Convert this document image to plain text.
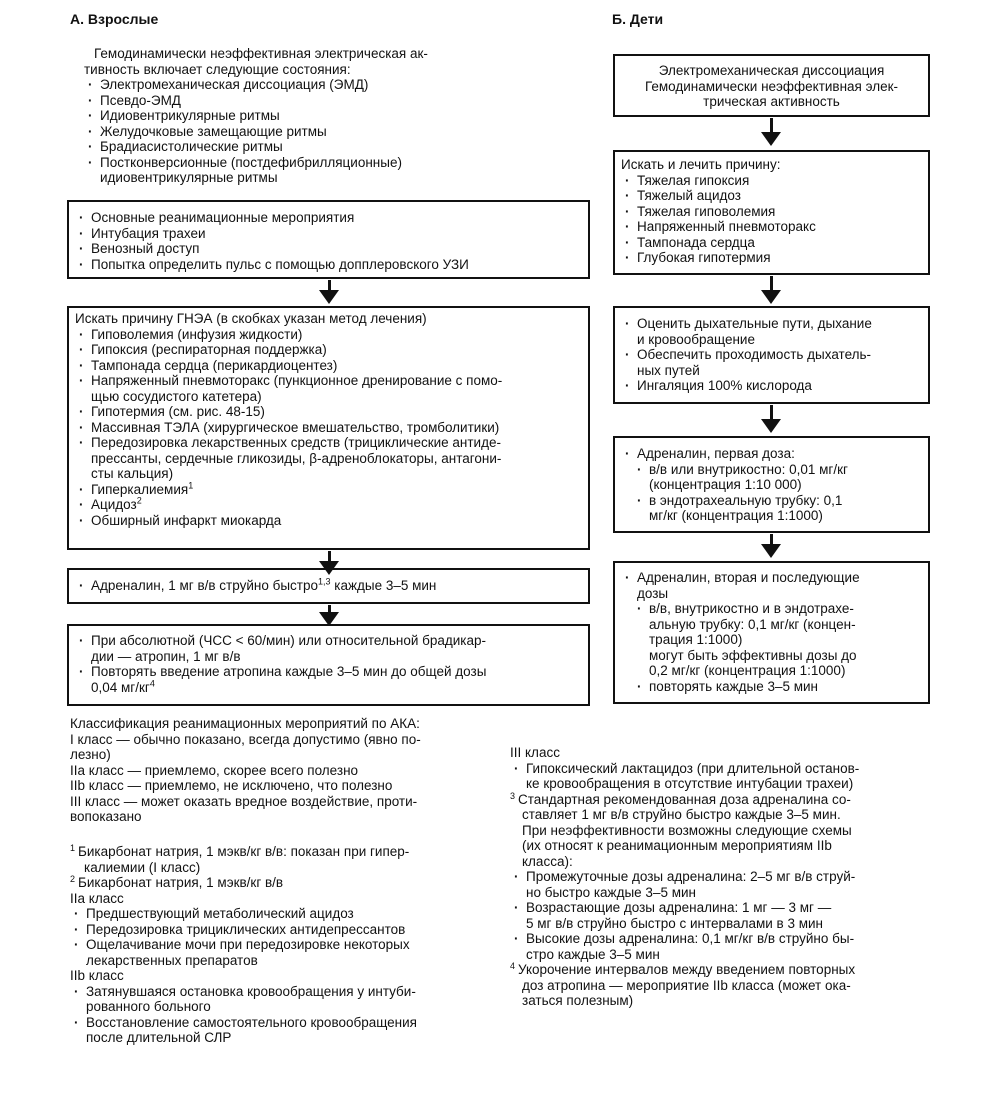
А. Взрослые
Гемодинамически неэффективная электрическая ак-
тивность включает следующие состояния:
· Электромеханическая диссоциация (ЭМД)
· Псевдо-ЭМД
· Идиовентрикулярные ритмы
· Желудочковые замещающие ритмы
· Брадиасистолические ритмы
· Постконверсионные (постдефибрилляционные)
идиовентрикулярные ритмы
· Основные реанимационные мероприятия
· Интубация трахеи
· Венозный доступ
· Попытка определить пульс с помощью допплеровского УЗИ
Искать причину ГНЭА (в скобках указан метод лечения)
· Гиповолемия (инфузия жидкости)
· Гипоксия (респираторная поддержка)
· Тампонада сердца (перикардиоцентез)
· Напряженный пневмоторакс (пункционное дренирование с помо-
щью сосудистого катетера)
· Гипотермия (см. рис. 48-15)
· Массивная ТЭЛА (хирургическое вмешательство, тромболитики)
· Передозировка лекарственных средств (трициклические антиде-
прессанты, сердечные гликозиды, β-адреноблокаторы, антагони-
сты кальция)
· Гиперкалиемия$^1$
· Ацидоз$^2$
· Обширный инфаркт миокарда
· Адреналин, 1 мг в/в струйно быстро$^{1,3}$ каждые 3–5 мин
· При абсолютной (ЧСС < 60/мин) или относительной брадикар-
дии — атропин, 1 мг в/в
· Повторять введение атропина каждые 3–5 мин до общей дозы
0,04 $мг/кг^4$
Классификация реанимационных мероприятий по АКА:
I класс — обычно показано, всегда допустимо (явно по-
лезно)
IIa класс — приемлемо, скорее всего полезно
IIb класс — приемлемо, не исключено, что полезно
III класс — может оказать вредное воздействие, проти-
вопоказано
1 Бикарбонат натрия, 1 мэкв/кг в/в: показан при гипер-
калиемии (I класс)
2 Бикарбонат натрия, 1 мэкв/кг в/в
IIa класс
· Предшествующий метаболический ацидоз
· Передозировка трициклических антидепрессантов
· Ощелачивание мочи при передозировке некоторых
лекарственных препаратов
IIb класс
· Затянувшаяся остановка кровообращения у интуби-
рованного больного
· Восстановление самостоятельного кровообращения
после длительной СЛР
Б. Дети
Электромеханическая диссоциация
Гемодинамически неэффективная элек-
трическая активность
Искать и лечить причину:
· Тяжелая гипоксия
· Тяжелый ацидоз
· Тяжелая гиповолемия
· Напряженный пневмоторакс
· Тампонада сердца
· Глубокая гипотермия
· Оценить дыхательные пути, дыхание
и кровообращение
· Обеспечить проходимость дыхатель-
ных путей
· Ингаляция 100% кислорода
· Адреналин, первая доза:
· в/в или внутрикостно: 0,01 мг/кг
(концентрация 1:10 000)
· в эндотрахеальную трубку: 0,1
мг/кг (концентрация 1:1000)
· Адреналин, вторая и последующие
дозы
· в/в, внутрикостно и в эндотрахе-
альную трубку: 0,1 мг/кг (концен-
трация 1:1000)
могут быть эффективны дозы до
0,2 мг/кг (концентрация 1:1000)
· повторять каждые 3–5 мин
III класс
· Гипоксический лактацидоз (при длительной останов-
ке кровообращения в отсутствие интубации трахеи)
3 Стандартная рекомендованная доза адреналина со-
ставляет 1 мг в/в струйно быстро каждые 3–5 мин.
При неэффективности возможны следующие схемы
(их относят к реанимационным мероприятиям IIb
класса):
· Промежуточные дозы адреналина: 2–5 мг в/в струй-
но быстро каждые 3–5 мин
· Возрастающие дозы адреналина: 1 мг — 3 мг —
5 мг в/в струйно быстро с интервалами в 3 мин
· Высокие дозы адреналина: 0,1 мг/кг в/в струйно бы-
стро каждые 3–5 мин
4 Укорочение интервалов между введением повторных
доз атропина — мероприятие IIb класса (может ока-
заться полезным)
